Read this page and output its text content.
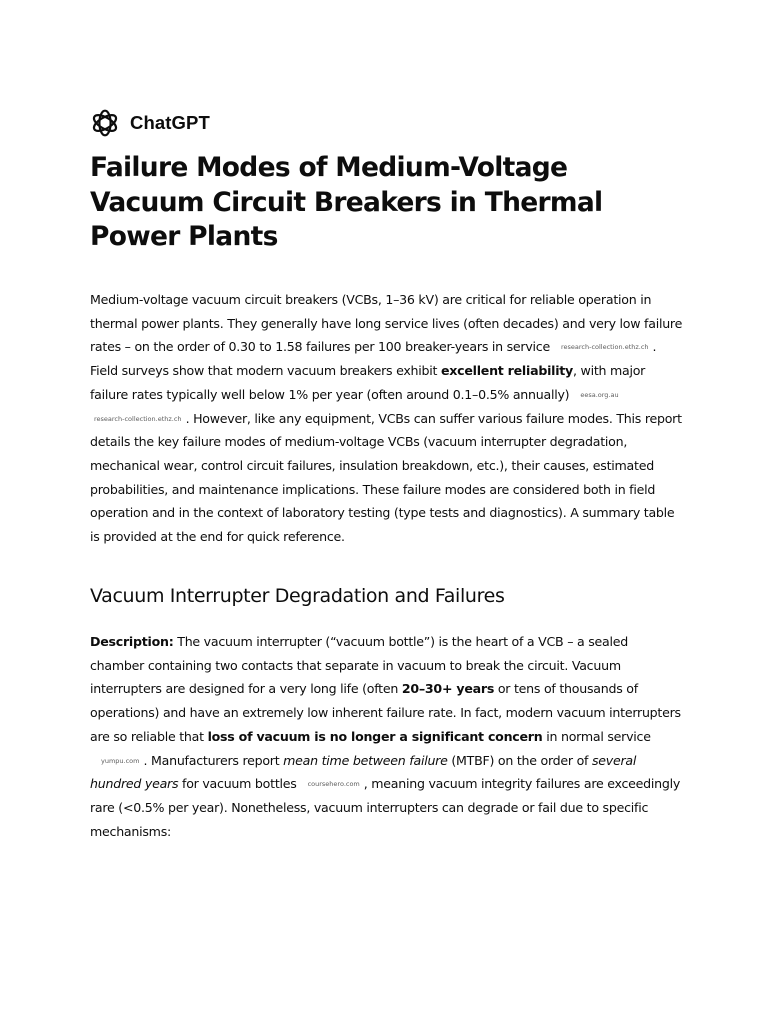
ChatGPT
Failure Modes of Medium-Voltage Vacuum Circuit Breakers in Thermal Power Plants

Medium-voltage vacuum circuit breakers (VCBs, 1–36 kV) are critical for reliable operation in thermal power plants. They generally have long service lives (often decades) and very low failure rates – on the order of 0.30 to 1.58 failures per 100 breaker-years in service research-collection.ethz.ch . Field surveys show that modern vacuum breakers exhibit excellent reliability, with major failure rates typically well below 1% per year (often around 0.1–0.5% annually) eesa.org.auresearch-collection.ethz.ch . However, like any equipment, VCBs can suffer various failure modes. This report details the key failure modes of medium-voltage VCBs (vacuum interrupter degradation, mechanical wear, control circuit failures, insulation breakdown, etc.), their causes, estimated probabilities, and maintenance implications. These failure modes are considered both in field operation and in the context of laboratory testing (type tests and diagnostics). A summary table is provided at the end for quick reference.

Vacuum Interrupter Degradation and Failures

Description: The vacuum interrupter (“vacuum bottle”) is the heart of a VCB – a sealed chamber containing two contacts that separate in vacuum to break the circuit. Vacuum interrupters are designed for a very long life (often 20–30+ years or tens of thousands of operations) and have an extremely low inherent failure rate. In fact, modern vacuum interrupters are so reliable that loss of vacuum is no longer a significant concern in normal serviceyumpu.com . Manufacturers report mean time between failure (MTBF) on the order of several hundred years for vacuum bottles coursehero.com , meaning vacuum integrity failures are exceedingly rare (<0.5% per year). Nonetheless, vacuum interrupters can degrade or fail due to specific mechanisms:
